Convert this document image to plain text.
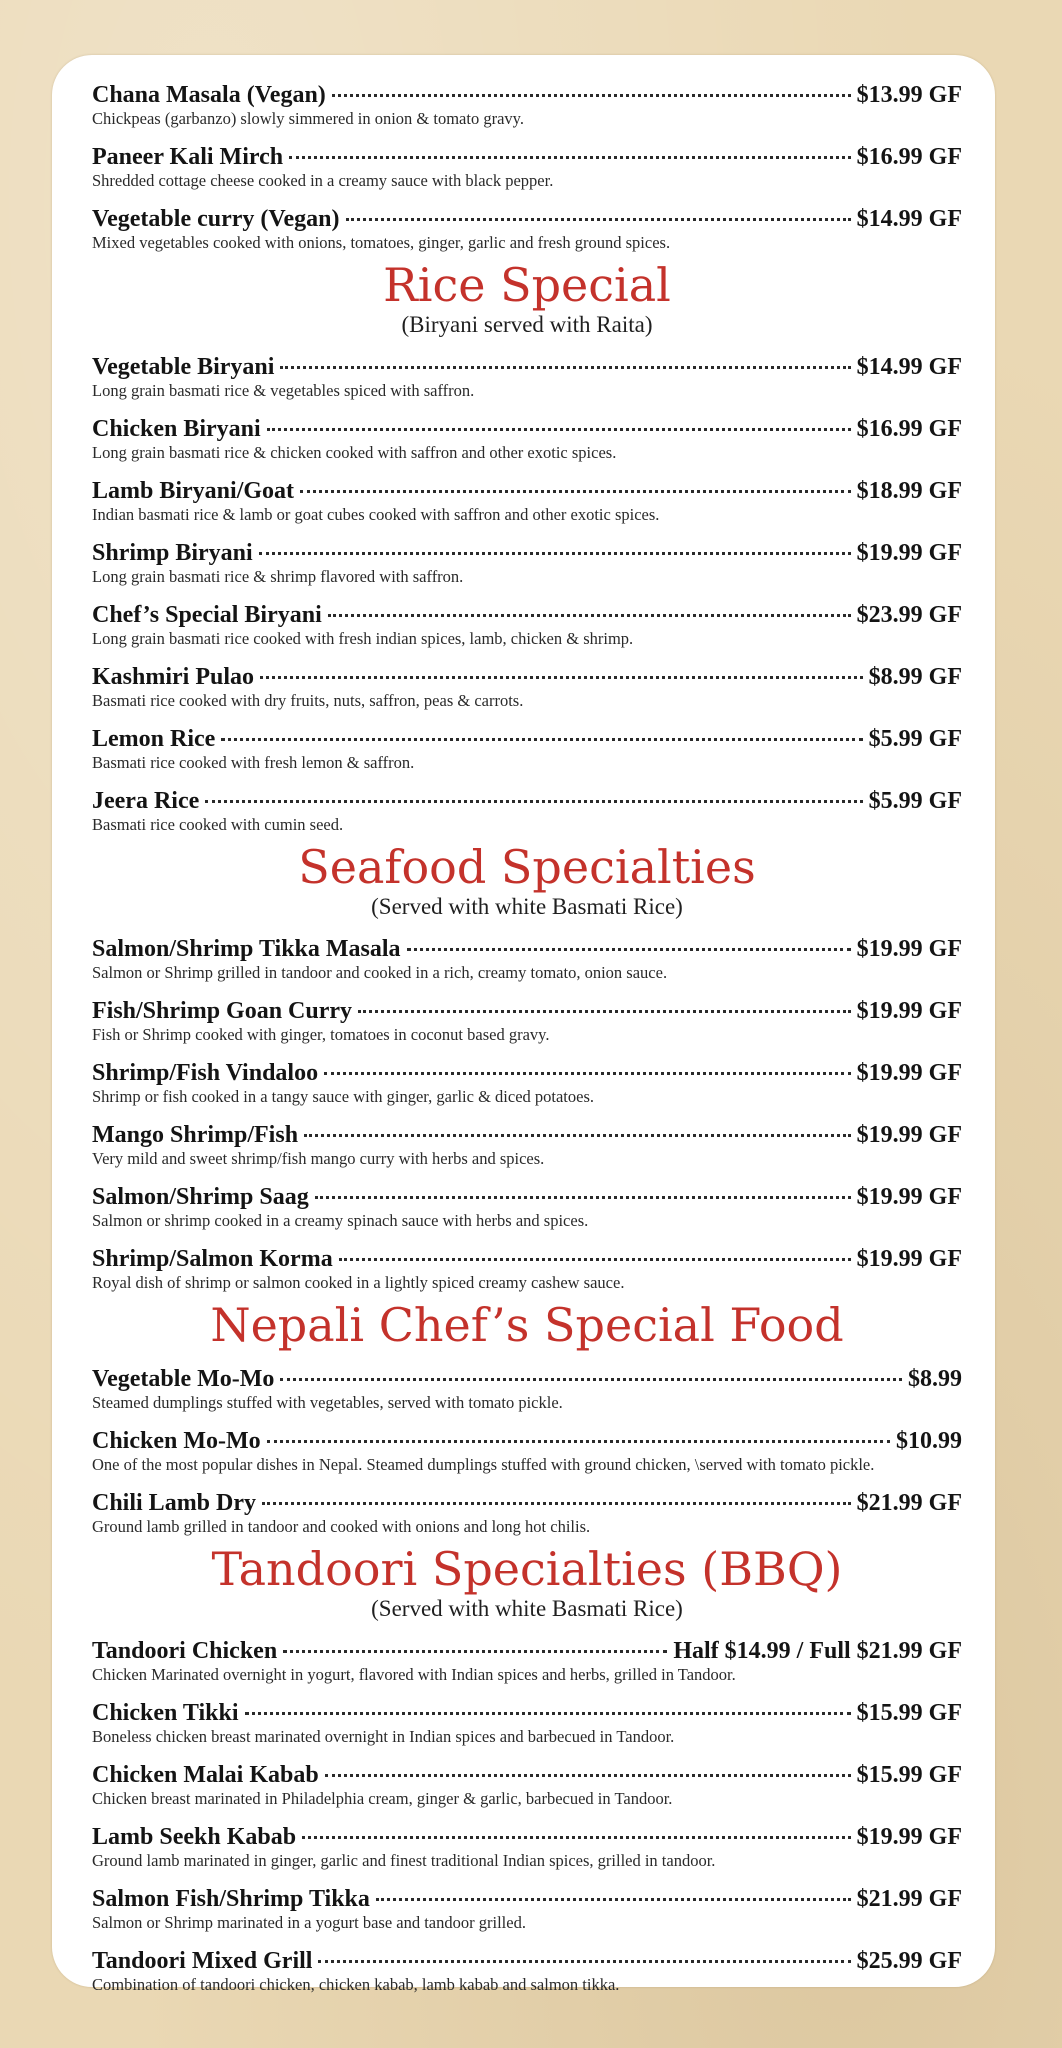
Chana Masala (Vegan)	$13.99 GF
Chickpeas (garbanzo) slowly simmered in onion & tomato gravy.
Paneer Kali Mirch	$16.99 GF
Shredded cottage cheese cooked in a creamy sauce with black pepper.
Vegetable curry (Vegan)	$14.99 GF
Mixed vegetables cooked with onions, tomatoes, ginger, garlic and fresh ground spices.
Rice Special
(Biryani served with Raita)
Vegetable Biryani	$14.99 GF
Long grain basmati rice & vegetables spiced with saffron.
Chicken Biryani	$16.99 GF
Long grain basmati rice & chicken cooked with saffron and other exotic spices.
Lamb Biryani/Goat	$18.99 GF
Indian basmati rice & lamb or goat cubes cooked with saffron and other exotic spices.
Shrimp Biryani	$19.99 GF
Long grain basmati rice & shrimp flavored with saffron.
Chef’s Special Biryani	$23.99 GF
Long grain basmati rice cooked with fresh indian spices, lamb, chicken & shrimp.
Kashmiri Pulao	$8.99 GF
Basmati rice cooked with dry fruits, nuts, saffron, peas & carrots.
Lemon Rice	$5.99 GF
Basmati rice cooked with fresh lemon & saffron.
Jeera Rice	$5.99 GF
Basmati rice cooked with cumin seed.
Seafood Specialties
(Served with white Basmati Rice)
Salmon/Shrimp Tikka Masala	$19.99 GF
Salmon or Shrimp grilled in tandoor and cooked in a rich, creamy tomato, onion sauce.
Fish/Shrimp Goan Curry	$19.99 GF
Fish or Shrimp cooked with ginger, tomatoes in coconut based gravy.
Shrimp/Fish Vindaloo	$19.99 GF
Shrimp or fish cooked in a tangy sauce with ginger, garlic & diced potatoes.
Mango Shrimp/Fish	$19.99 GF
Very mild and sweet shrimp/fish mango curry with herbs and spices.
Salmon/Shrimp Saag	$19.99 GF
Salmon or shrimp cooked in a creamy spinach sauce with herbs and spices.
Shrimp/Salmon Korma	$19.99 GF
Royal dish of shrimp or salmon cooked in a lightly spiced creamy cashew sauce.
Nepali Chef’s Special Food
Vegetable Mo-Mo	$8.99
Steamed dumplings stuffed with vegetables, served with tomato pickle.
Chicken Mo-Mo	$10.99
One of the most popular dishes in Nepal. Steamed dumplings stuffed with ground chicken, \served with tomato pickle.
Chili Lamb Dry	$21.99 GF
Ground lamb grilled in tandoor and cooked with onions and long hot chilis.
Tandoori Specialties (BBQ)
(Served with white Basmati Rice)
Tandoori Chicken	Half $14.99 / Full $21.99 GF
Chicken Marinated overnight in yogurt, flavored with Indian spices and herbs, grilled in Tandoor.
Chicken Tikki	$15.99 GF
Boneless chicken breast marinated overnight in Indian spices and barbecued in Tandoor.
Chicken Malai Kabab	$15.99 GF
Chicken breast marinated in Philadelphia cream, ginger & garlic, barbecued in Tandoor.
Lamb Seekh Kabab	$19.99 GF
Ground lamb marinated in ginger, garlic and finest traditional Indian spices, grilled in tandoor.
Salmon Fish/Shrimp Tikka	$21.99 GF
Salmon or Shrimp marinated in a yogurt base and tandoor grilled.
Tandoori Mixed Grill	$25.99 GF
Combination of tandoori chicken, chicken kabab, lamb kabab and salmon tikka.
